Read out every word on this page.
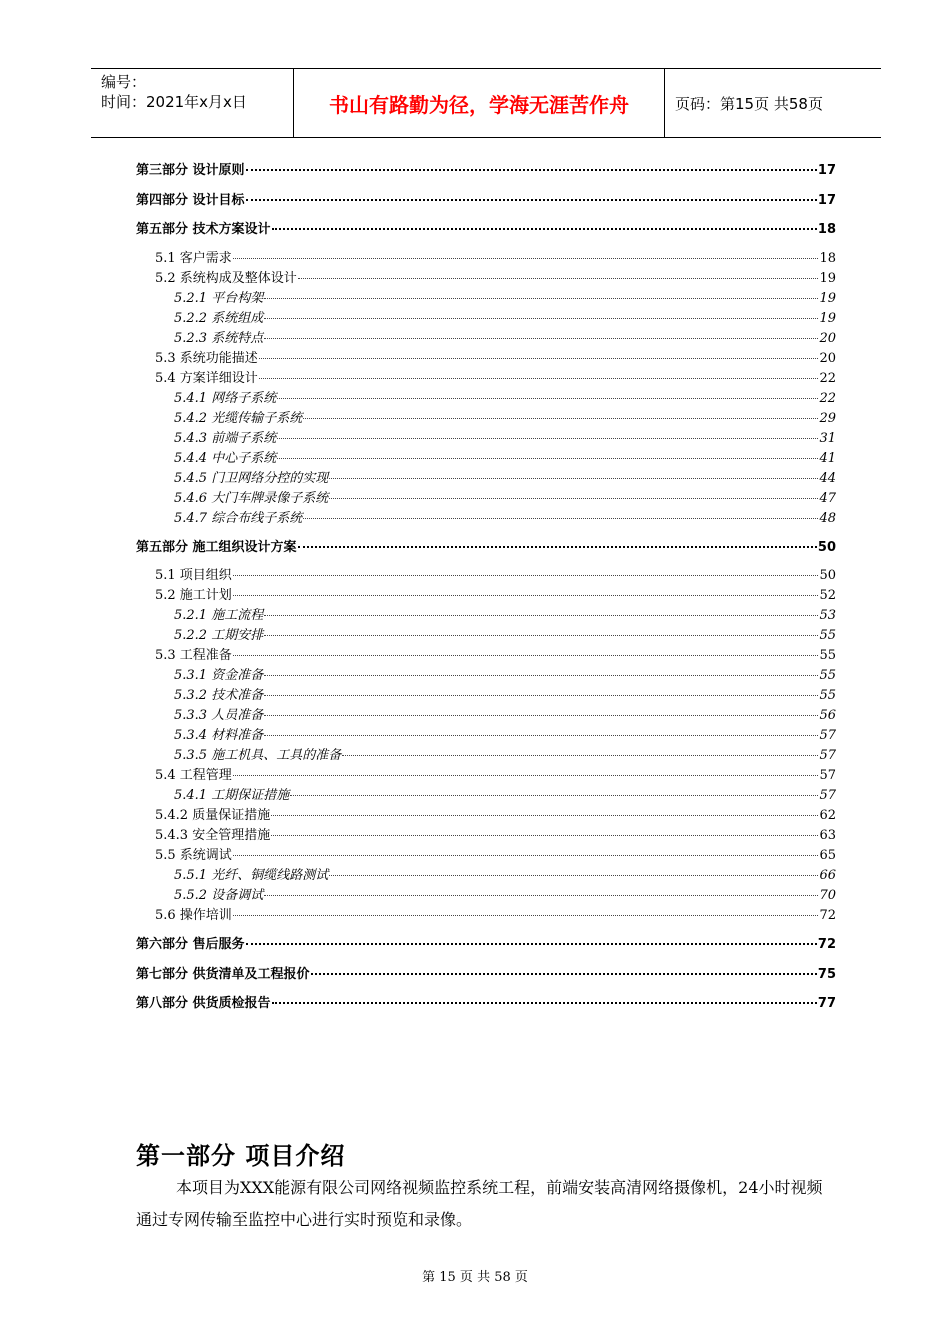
编号：
时间：2021年x月x日	书山有路勤为径，学海无涯苦作舟	页码：第15页 共58页
第三部分 设计原则	17
第四部分 设计目标	17
第五部分 技术方案设计	18
5.1 客户需求	18
5.2 系统构成及整体设计	19
5.2.1 平台构架	19
5.2.2 系统组成	19
5.2.3 系统特点	20
5.3 系统功能描述	20
5.4 方案详细设计	22
5.4.1 网络子系统	22
5.4.2 光缆传输子系统	29
5.4.3 前端子系统	31
5.4.4 中心子系统	41
5.4.5 门卫网络分控的实现	44
5.4.6 大门车牌录像子系统	47
5.4.7 综合布线子系统	48
第五部分 施工组织设计方案	50
5.1 项目组织	50
5.2 施工计划	52
5.2.1 施工流程	53
5.2.2 工期安排	55
5.3 工程准备	55
5.3.1 资金准备	55
5.3.2 技术准备	55
5.3.3 人员准备	56
5.3.4 材料准备	57
5.3.5 施工机具、工具的准备	57
5.4 工程管理	57
5.4.1 工期保证措施	57
5.4.2 质量保证措施	62
5.4.3 安全管理措施	63
5.5 系统调试	65
5.5.1 光纤、铜缆线路测试	66
5.5.2 设备调试	70
5.6 操作培训	72
第六部分 售后服务	72
第七部分 供货清单及工程报价	75
第八部分 供货质检报告	77
第一部分 项目介绍
本项目为XXX能源有限公司网络视频监控系统工程，前端安装高清网络摄像机，24小时视频通过专网传输至监控中心进行实时预览和录像。
第 15 页 共 58 页
